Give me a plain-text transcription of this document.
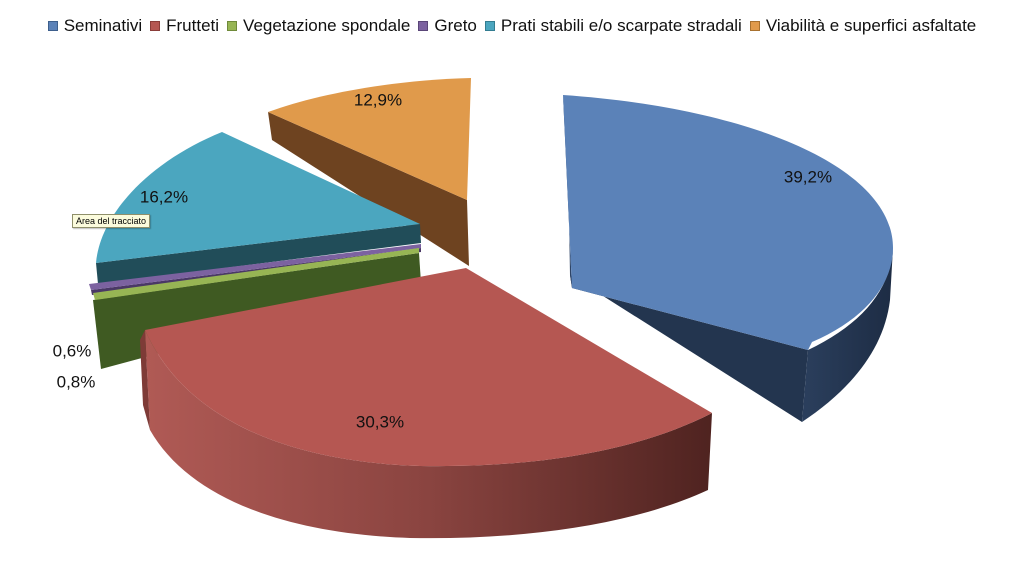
Seminativi Frutteti Vegetazione spondale Greto Prati stabili e/o scarpate stradali Viabilità e superfici asfaltate
39,2%
30,3%
0,8%
0,6%
16,2%
12,9%
Area del tracciato
